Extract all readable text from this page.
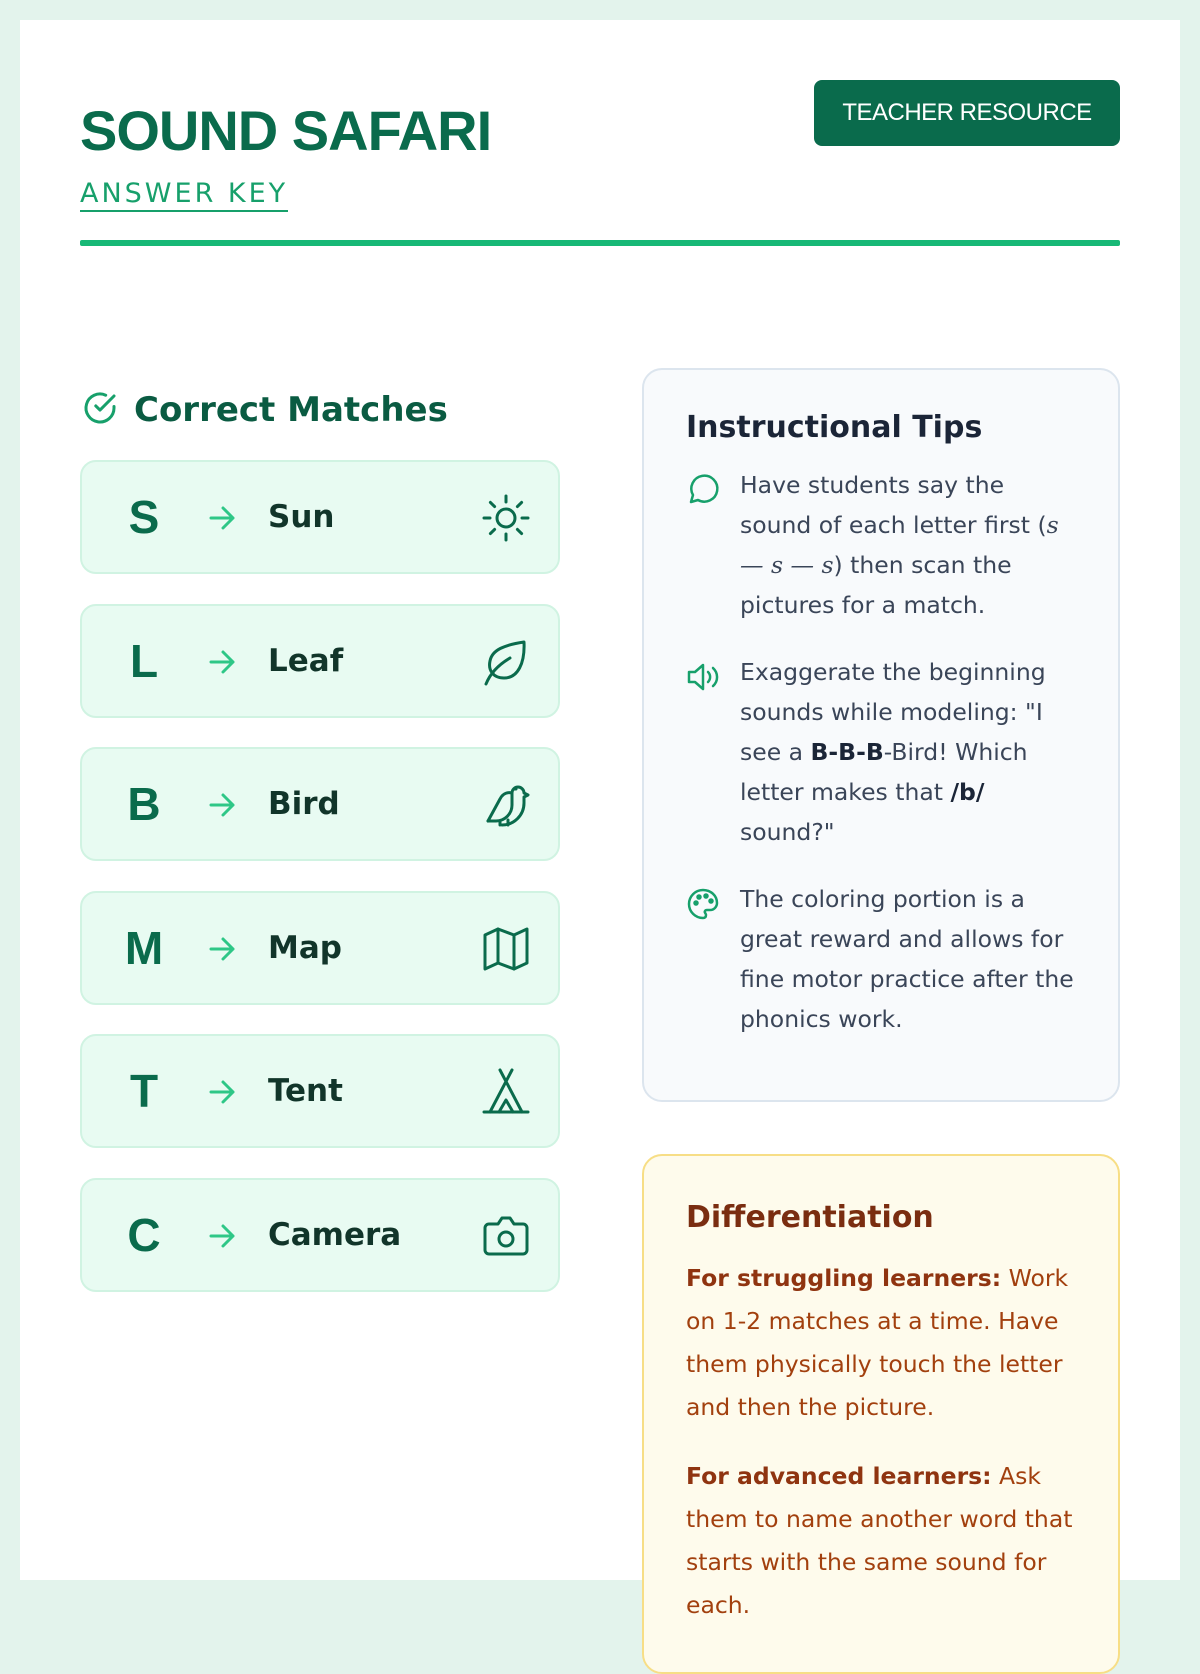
SOUND SAFARI
ANSWER KEY
TEACHER RESOURCE
Correct Matches
S	Sun
L	Leaf
B	Bird
M	Map
T	Tent
C	Camera
Instructional Tips

Have students say the sound of each letter first (s — s — s) then scan the pictures for a match.

Exaggerate the beginning sounds while modeling: "I see a B-B-B-Bird! Which letter makes that /b/ sound?"

The coloring portion is a great reward and allows for fine motor practice after the phonics work.

Differentiation

For struggling learners: Work on 1-2 matches at a time. Have them physically touch the letter and then the picture.

For advanced learners: Ask them to name another word that starts with the same sound for each.
